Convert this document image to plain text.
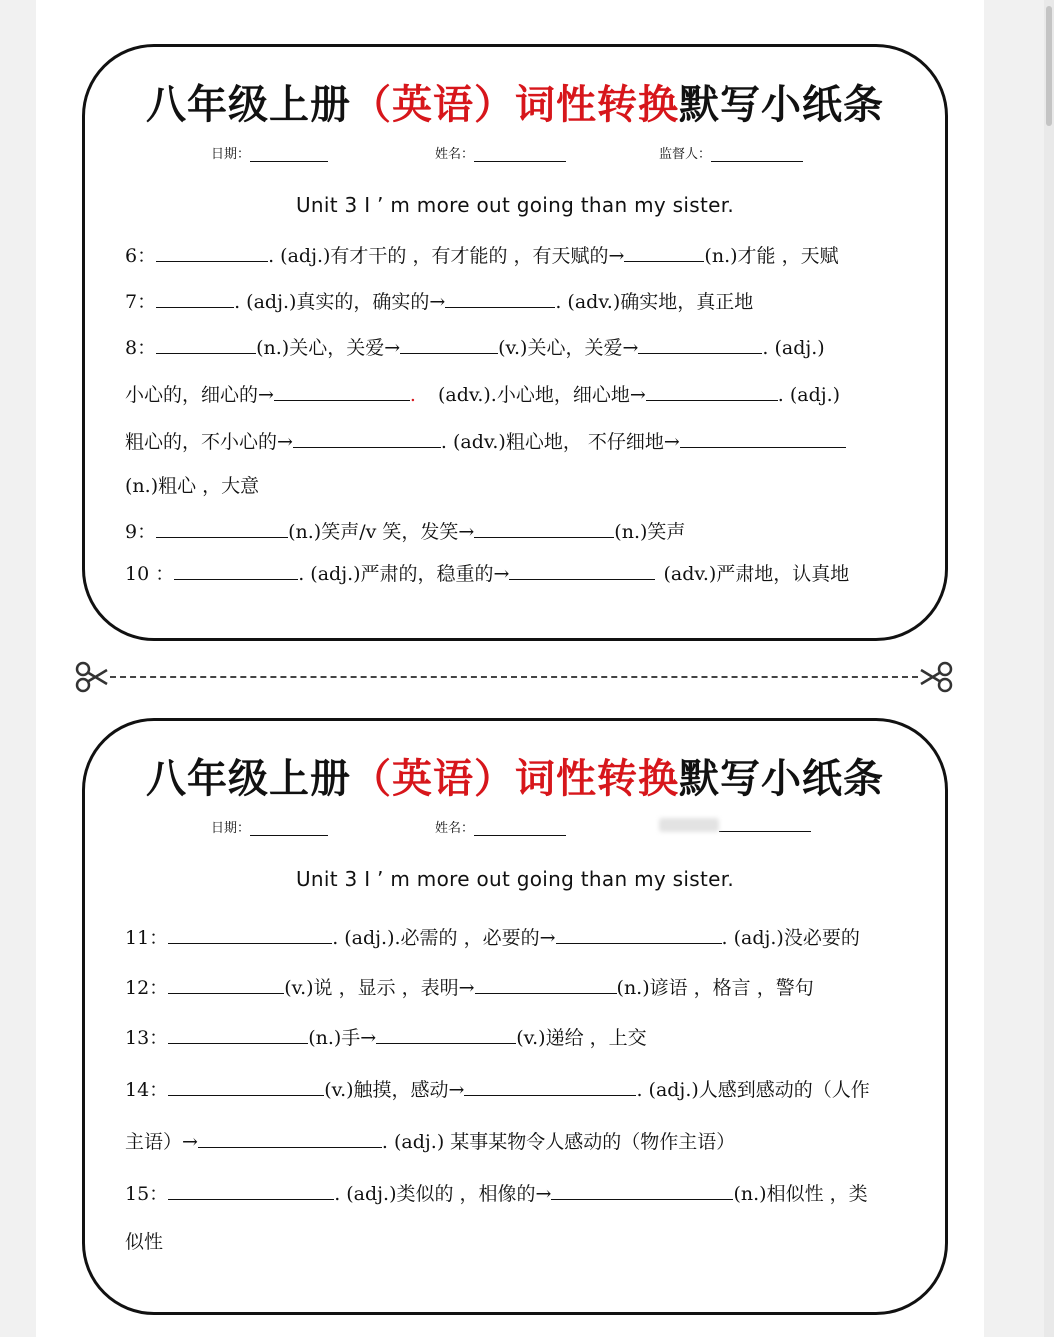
八年级上册（英语）词性转换默写小纸条
日期：	姓名：	监督人：
Unit 3 I ’ m more out going than my sister.
6：	. (adj.)有才干的 ，有才能的 ，有天赋的→	(n.)才能 ，天赋
7：	. (adj.)真实的，确实的→	. (adv.)确实地，真正地
8：	(n.)关心，关爱→	(v.)关心，关爱→	. (adj.)
小心的，细心的→	. (adv.).小心地，细心地→	. (adj.)
粗心的，不小心的→	. (adv.)粗心地， 不仔细地→
(n.)粗心 ，大意
9：	(n.)笑声/v 笑，发笑→	(n.)笑声
10 ：	. (adj.)严肃的，稳重的→	(adv.)严肃地，认真地
八年级上册（英语）词性转换默写小纸条
日期：	姓名：
Unit 3 I ’ m more out going than my sister.
11：	. (adj.).必需的 ，必要的→	. (adj.)没必要的
12：	(v.)说 ，显示 ，表明→	(n.)谚语 ，格言 ，警句
13：	(n.)手→	(v.)递给 ，上交
14：	(v.)触摸，感动→	. (adj.)人感到感动的（人作
主语）→	. (adj.) 某事某物令人感动的（物作主语）
15：	. (adj.)类似的 ，相像的→	(n.)相似性 ，类
似性
